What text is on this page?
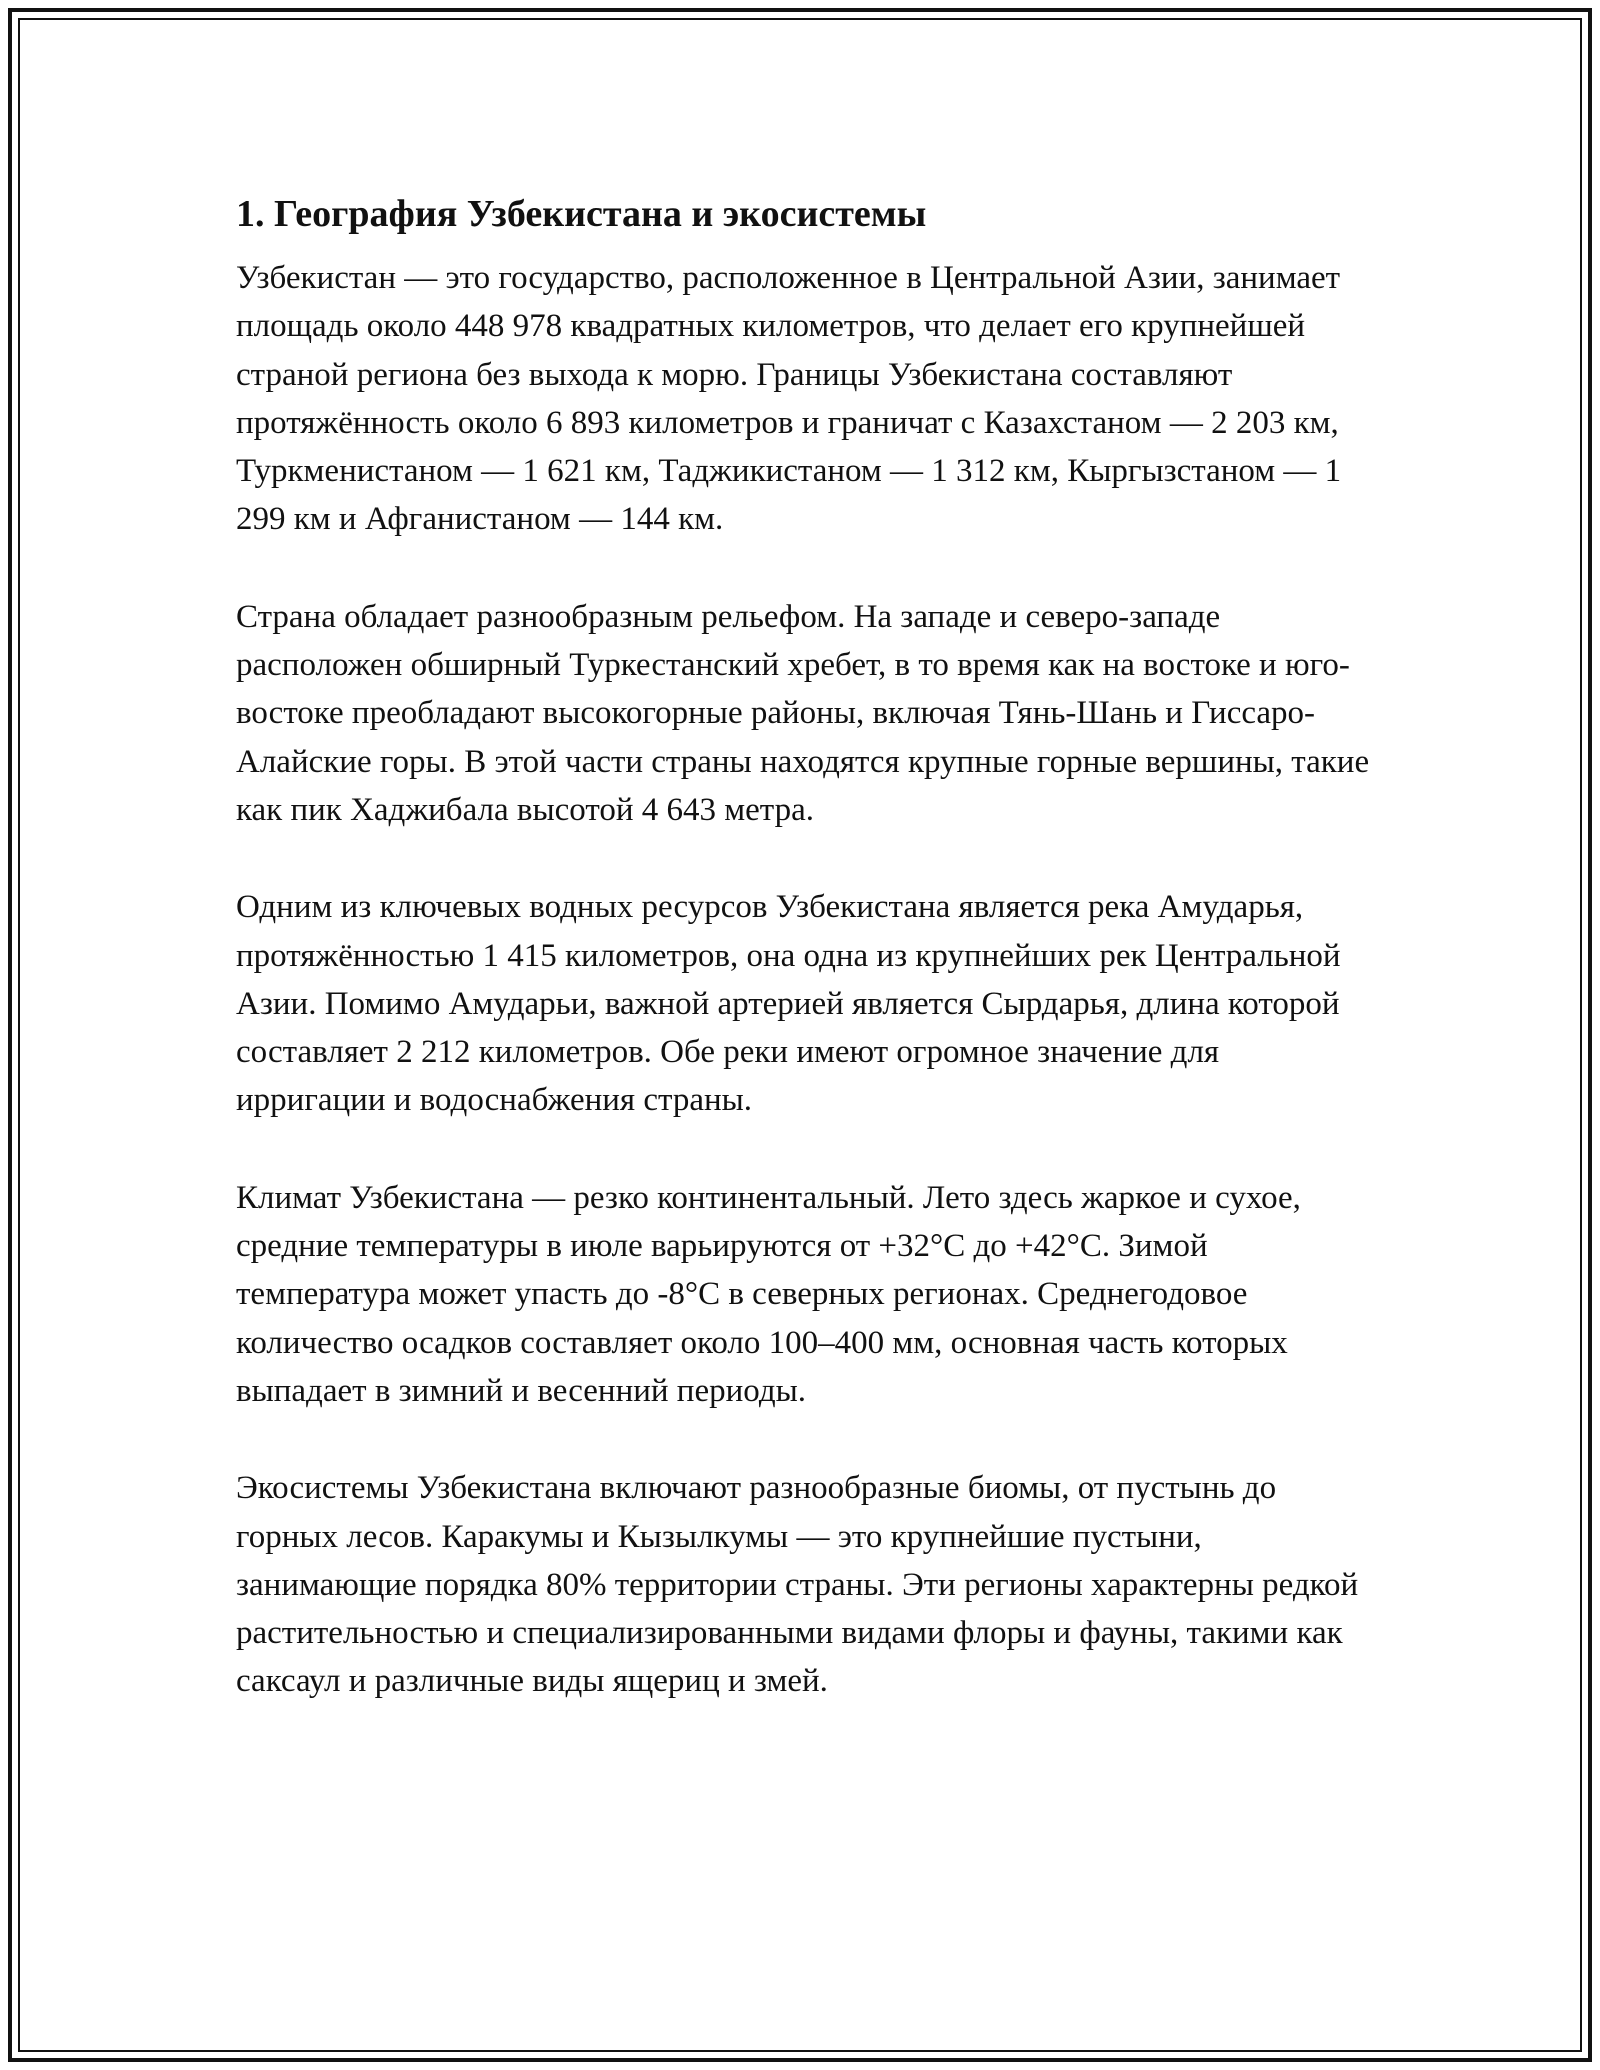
1. География Узбекистана и экосистемы

Узбекистан — это государство, расположенное в Центральной Азии, занимает площадь около 448 978 квадратных километров, что делает его крупнейшей страной региона без выхода к морю. Границы Узбекистана составляют протяжённость около 6 893 километров и граничат с Казахстаном — 2 203 км, Туркменистаном — 1 621 км, Таджикистаном — 1 312 км, Кыргызстаном — 1 299 км и Афганистаном — 144 км.

Страна обладает разнообразным рельефом. На западе и северо-западе расположен обширный Туркестанский хребет, в то время как на востоке и юго-востоке преобладают высокогорные районы, включая Тянь-Шань и Гиссаро-Алайские горы. В этой части страны находятся крупные горные вершины, такие как пик Хаджибала высотой 4 643 метра.

Одним из ключевых водных ресурсов Узбекистана является река Амударья, протяжённостью 1 415 километров, она одна из крупнейших рек Центральной Азии. Помимо Амударьи, важной артерией является Сырдарья, длина которой составляет 2 212 километров. Обе реки имеют огромное значение для ирригации и водоснабжения страны.

Климат Узбекистана — резко континентальный. Лето здесь жаркое и сухое, средние температуры в июле варьируются от +32°C до +42°C. Зимой температура может упасть до -8°C в северных регионах. Среднегодовое количество осадков составляет около 100–400 мм, основная часть которых выпадает в зимний и весенний периоды.

Экосистемы Узбекистана включают разнообразные биомы, от пустынь до горных лесов. Каракумы и Кызылкумы — это крупнейшие пустыни, занимающие порядка 80% территории страны. Эти регионы характерны редкой растительностью и специализированными видами флоры и фауны, такими как саксаул и различные виды ящериц и змей.
